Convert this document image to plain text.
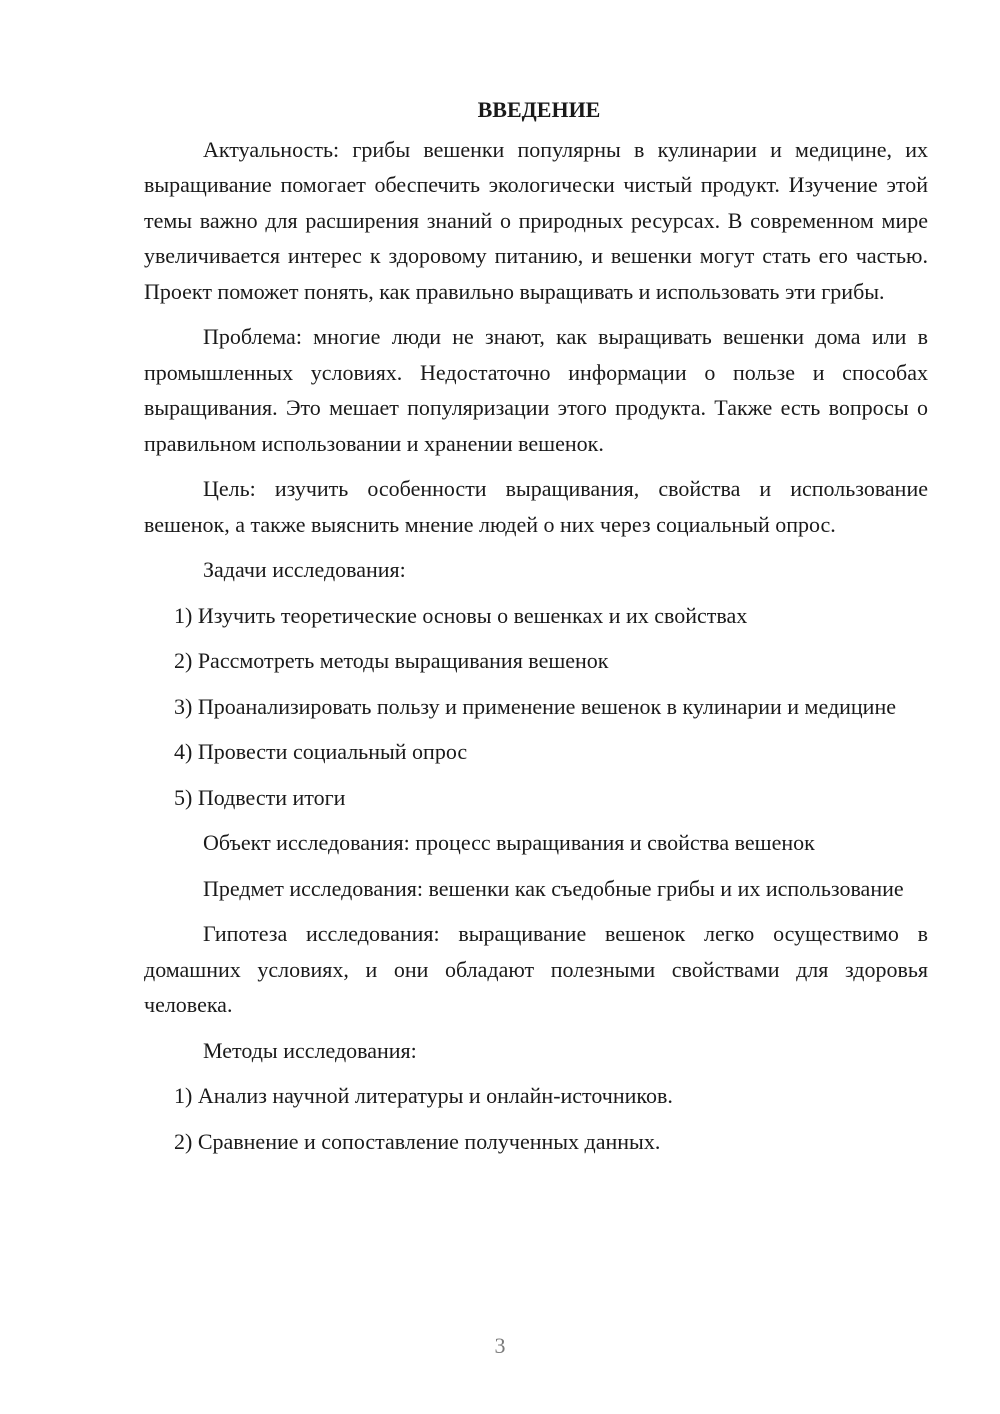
ВВЕДЕНИЕ

Актуальность: грибы вешенки популярны в кулинарии и медицине, их выращивание помогает обеспечить экологически чистый продукт. Изучение этой темы важно для расширения знаний о природных ресурсах. В современном мире увеличивается интерес к здоровому питанию, и вешенки могут стать его частью. Проект поможет понять, как правильно выращивать и использовать эти грибы.

Проблема: многие люди не знают, как выращивать вешенки дома или в промышленных условиях. Недостаточно информации о пользе и способах выращивания. Это мешает популяризации этого продукта. Также есть вопросы о правильном использовании и хранении вешенок.

Цель: изучить особенности выращивания, свойства и использование вешенок, а также выяснить мнение людей о них через социальный опрос.

Задачи исследования:

1) Изучить теоретические основы о вешенках и их свойствах

2) Рассмотреть методы выращивания вешенок

3) Проанализировать пользу и применение вешенок в кулинарии и медицине

4) Провести социальный опрос

5) Подвести итоги

Объект исследования: процесс выращивания и свойства вешенок

Предмет исследования: вешенки как съедобные грибы и их использование

Гипотеза исследования: выращивание вешенок легко осуществимо в домашних условиях, и они обладают полезными свойствами для здоровья человека.

Методы исследования:

1) Анализ научной литературы и онлайн-источников.

2) Сравнение и сопоставление полученных данных.

3
